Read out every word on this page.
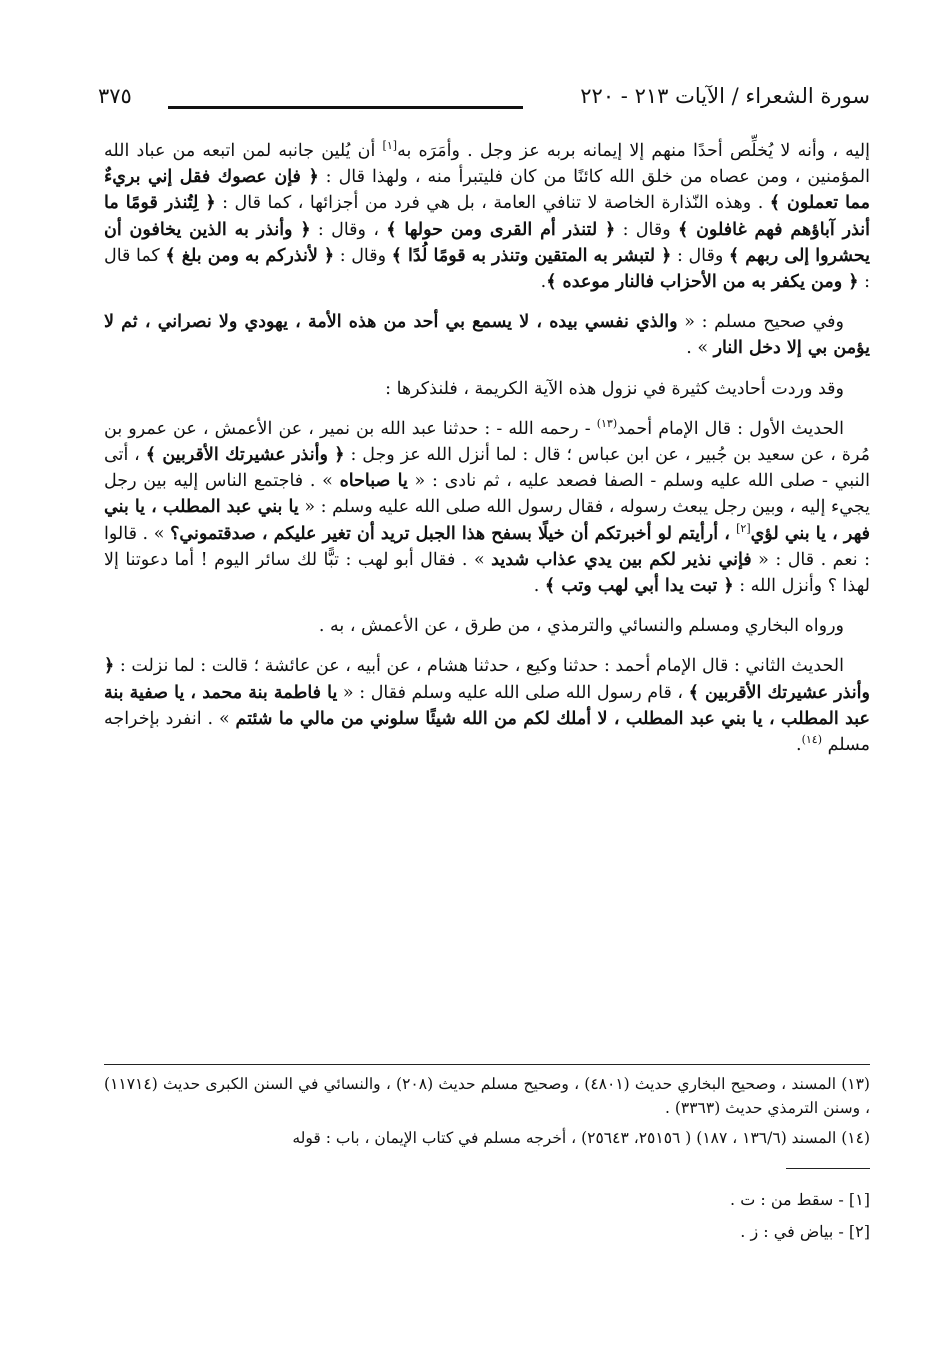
٣٧٥	سورة الشعراء / الآيات ٢١٣ - ٢٢٠

إليه ، وأنه لا يُخلِّص أحدًا منهم إلا إيمانه بربه عز وجل . وأمَرَه به[١] أن يُلين جانبه لمن اتبعه من عباد الله المؤمنين ، ومن عصاه من خلق الله كائنًا من كان فليتبرأ منه ، ولهذا قال : ﴿ فإن عصوك فقل إني بريءٌ مما تعملون ﴾ . وهذه النّذارة الخاصة لا تنافي العامة ، بل هي فرد من أجزائها ، كما قال : ﴿ لِتُنذر قومًا ما أنذر آباؤهم فهم غافلون ﴾ وقال : ﴿ لتنذر أم القرى ومن حولها ﴾ ، وقال : ﴿ وأنذر به الذين يخافون أن يحشروا إلى ربهم ﴾ وقال : ﴿ لتبشر به المتقين وتنذر به قومًا لُدًا ﴾ وقال : ﴿ لأنذركم به ومن بلغ ﴾ كما قال : ﴿ ومن يكفر به من الأحزاب فالنار موعده ﴾.

وفي صحيح مسلم : « والذي نفسي بيده ، لا يسمع بي أحد من هذه الأمة ، يهودي ولا نصراني ، ثم لا يؤمن بي إلا دخل النار » .

وقد وردت أحاديث كثيرة في نزول هذه الآية الكريمة ، فلنذكرها :

الحديث الأول : قال الإمام أحمد$^{(١٣)}$ - رحمه الله - : حدثنا عبد الله بن نمير ، عن الأعمش ، عن عمرو بن مُرة ، عن سعيد بن جُبير ، عن ابن عباس ؛ قال : لما أنزل الله عز وجل : ﴿ وأنذر عشيرتك الأقربين ﴾ ، أتى النبي - صلى الله عليه وسلم - الصفا فصعد عليه ، ثم نادى : « يا صباحاه » . فاجتمع الناس إليه بين رجل يجيء إليه ، وبين رجل يبعث رسوله ، فقال رسول الله صلى الله عليه وسلم : « يا بني عبد المطلب ، يا بني فهر ، يا بني لؤي[٢] ، أرأيتم لو أخبرتكم أن خيلًا بسفح هذا الجبل تريد أن تغير عليكم ، صدقتموني؟ » . قالوا : نعم . قال : « فإني نذير لكم بين يدي عذاب شديد » . فقال أبو لهب : تبًّا لك سائر اليوم ! أما دعوتنا إلا لهذا ؟ وأنزل الله : ﴿ تبت يدا أبي لهب وتب ﴾ .

ورواه البخاري ومسلم والنسائي والترمذي ، من طرق ، عن الأعمش ، به .

الحديث الثاني : قال الإمام أحمد : حدثنا وكيع ، حدثنا هشام ، عن أبيه ، عن عائشة ؛ قالت : لما نزلت : ﴿ وأنذر عشيرتك الأقربين ﴾ ، قام رسول الله صلى الله عليه وسلم فقال : « يا فاطمة بنة محمد ، يا صفية بنة عبد المطلب ، يا بني عبد المطلب ، لا أملك لكم من الله شيئًا سلوني من مالي ما شئتم » . انفرد بإخراجه مسلم $^{(١٤)}$.

(١٣) المسند ، وصحيح البخاري حديث (٤٨٠١) ، وصحيح مسلم حديث (٢٠٨) ، والنسائي في السنن الكبرى حديث (١١٧١٤) ، وسنن الترمذي حديث (٣٣٦٣) .

(١٤) المسند (١٣٦/٦ ، ١٨٧) ( ٢٥١٥٦، ٢٥٦٤٣) ، أخرجه مسلم في كتاب الإيمان ، باب : قوله

[١] - سقط من : ت .

[٢] - بياض في : ز .
